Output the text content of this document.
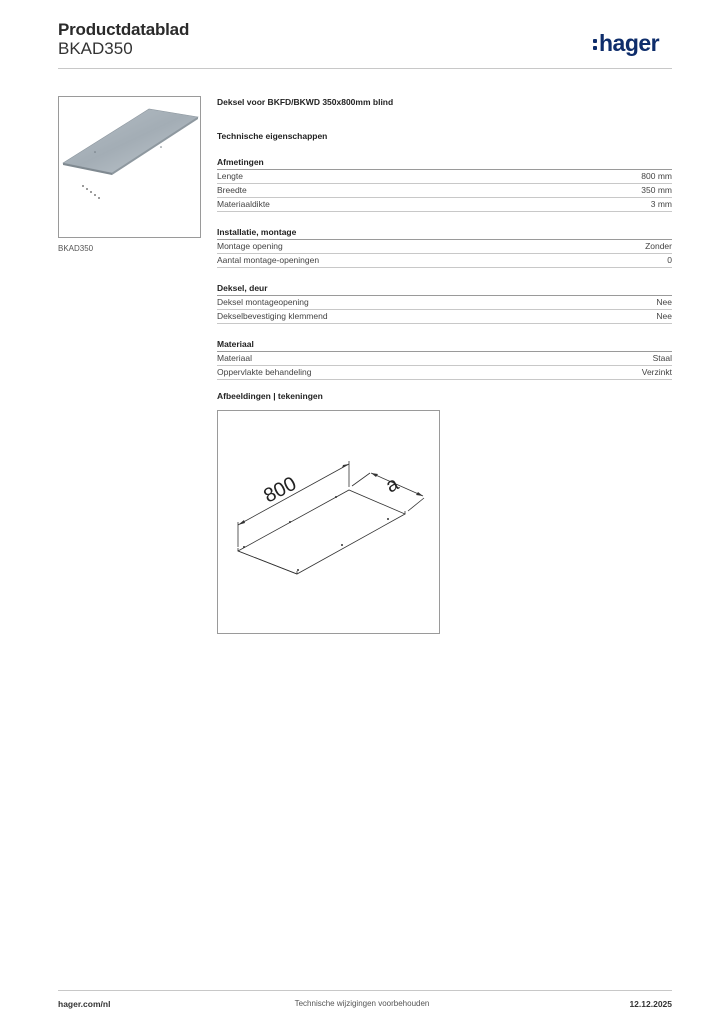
Productdatablad
BKAD350	hager
BKAD350
Deksel voor BKFD/BKWD 350x800mm blind
Technische eigenschappen
Afmetingen
Lengte	800 mm
Breedte	350 mm
Materiaaldikte	3 mm
Installatie, montage
Montage opening	Zonder
Aantal montage-openingen	0
Deksel, deur
Deksel montageopening	Nee
Dekselbevestiging klemmend	Nee
Materiaal
Materiaal	Staal
Oppervlakte behandeling	Verzinkt
Afbeeldingen | tekeningen
800	a
hager.com/nl	Technische wijzigingen voorbehouden	12.12.2025
